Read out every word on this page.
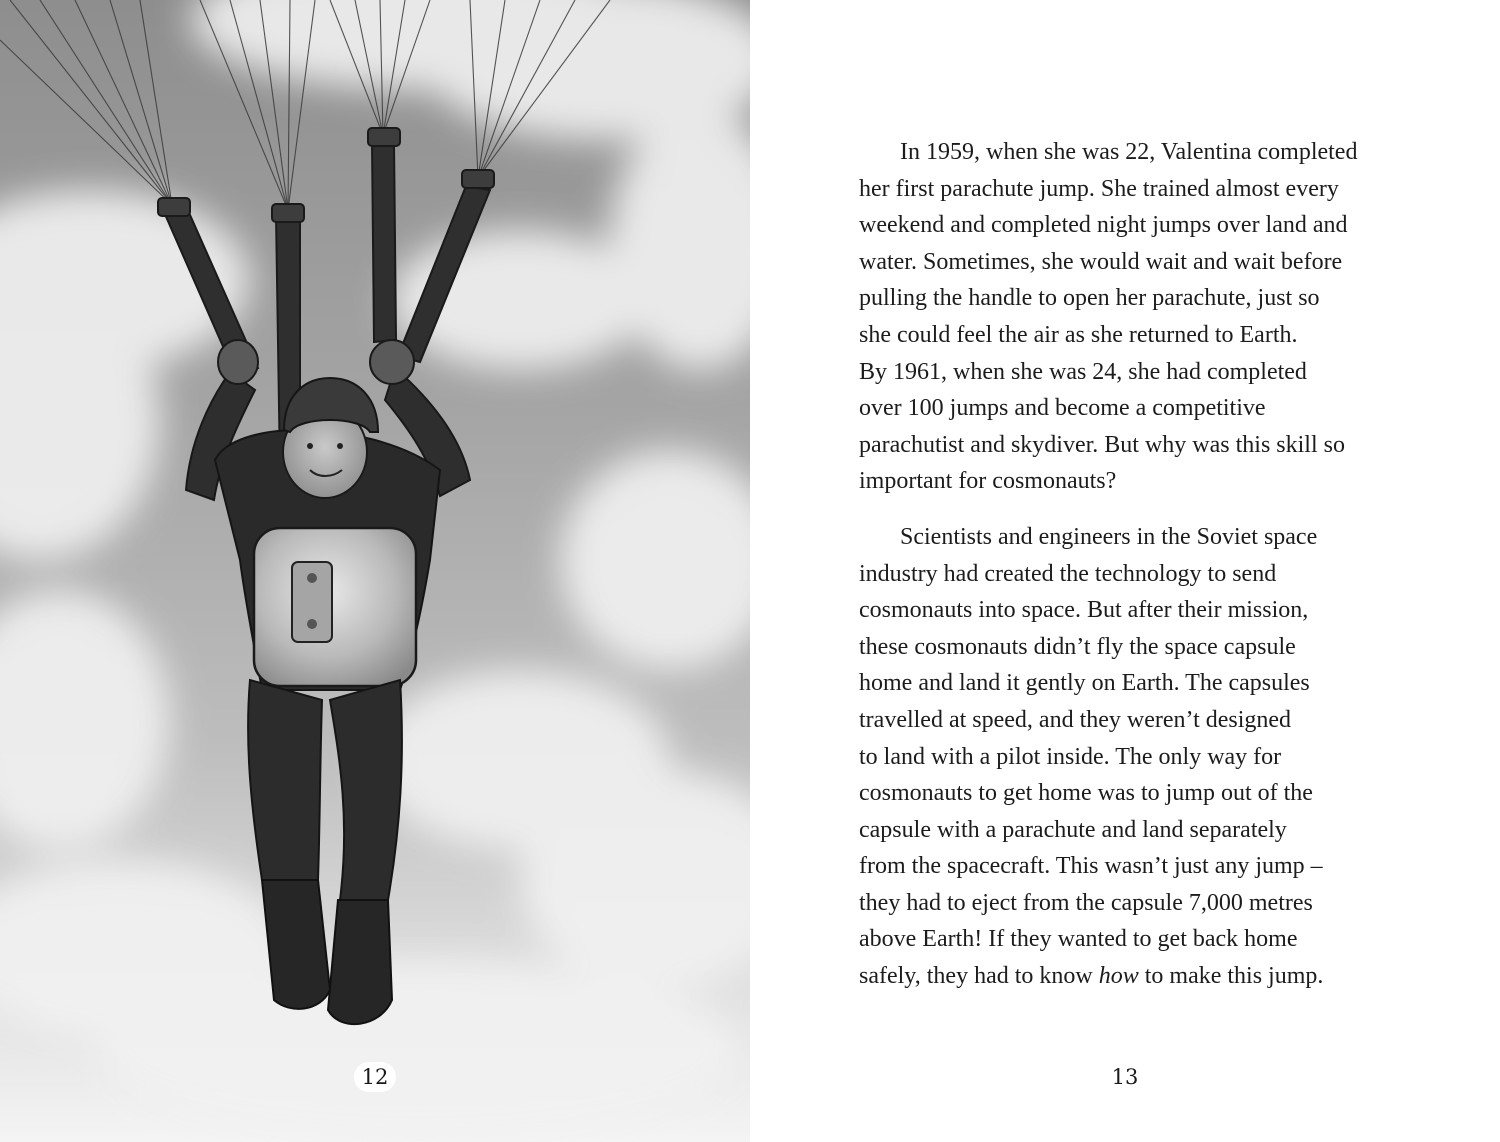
12

In 1959, when she was 22, Valentina completed
her first parachute jump. She trained almost every
weekend and completed night jumps over land and
water. Sometimes, she would wait and wait before
pulling the handle to open her parachute, just so
she could feel the air as she returned to Earth.
By 1961, when she was 24, she had completed
over 100 jumps and become a competitive
parachutist and skydiver. But why was this skill so
important for cosmonauts?

Scientists and engineers in the Soviet space
industry had created the technology to send
cosmonauts into space. But after their mission,
these cosmonauts didn’t fly the space capsule
home and land it gently on Earth. The capsules
travelled at speed, and they weren’t designed
to land with a pilot inside. The only way for
cosmonauts to get home was to jump out of the
capsule with a parachute and land separately
from the spacecraft. This wasn’t just any jump –
they had to eject from the capsule 7,000 metres
above Earth! If they wanted to get back home
safely, they had to know how to make this jump.

13
